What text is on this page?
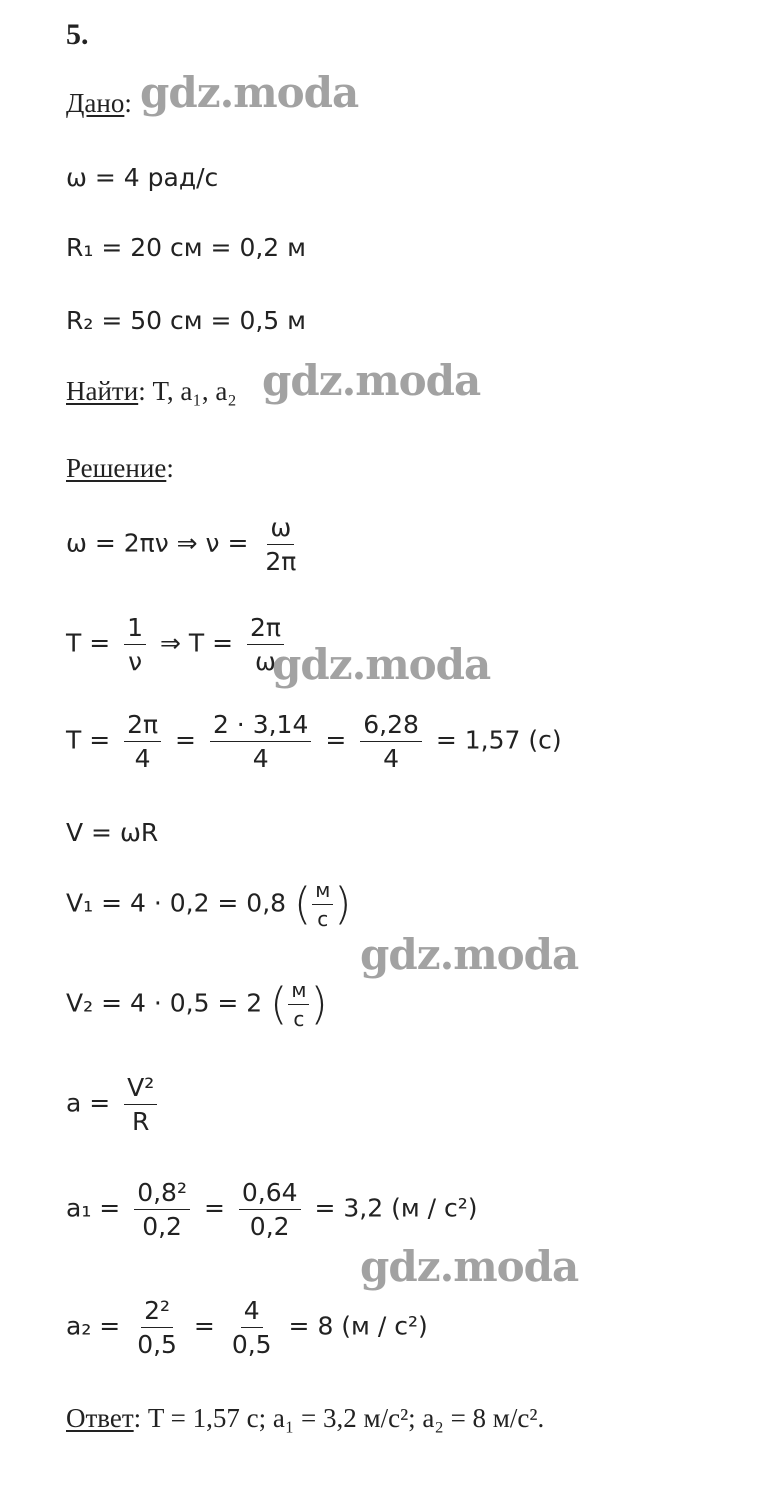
5.
Дано:
ω = 4 рад/с
R₁ = 20 см = 0,2 м
R₂ = 50 см = 0,5 м
Найти: T, a₁, a₂
Решение:
ω = 2πν ⇒ $\nu = \frac{\omega}{2\pi}$
$T = \frac{1}{\nu}$ ⇒ $T = \frac{2\pi}{\omega}$
$T = \frac{2\pi}{4} = \frac{2 \cdot 3,14}{4} = \frac{6,28}{4} = 1,57$ (с)
V = ωR
V₁ = 4 · 0,2 = 0,8 ( $\frac{м}{с}$ )
V₂ = 4 · 0,5 = 2 ( $\frac{м}{с}$ )
$a = \frac{\text{V²}}{R}$
$a_1 = \frac{\text{0,8²}}{0,2} = \frac{0,64}{0,2} = 3,2$ (м / с²)
$a_2 = \frac{\text{2²}}{0,5} = \frac{4}{0,5} = 8$ (м / с²)
Ответ: T = 1,57 с; a₁ = 3,2 м/с²; a₂ = 8 м/с².
gdz.moda
gdz.moda
gdz.moda
gdz.moda
gdz.moda
